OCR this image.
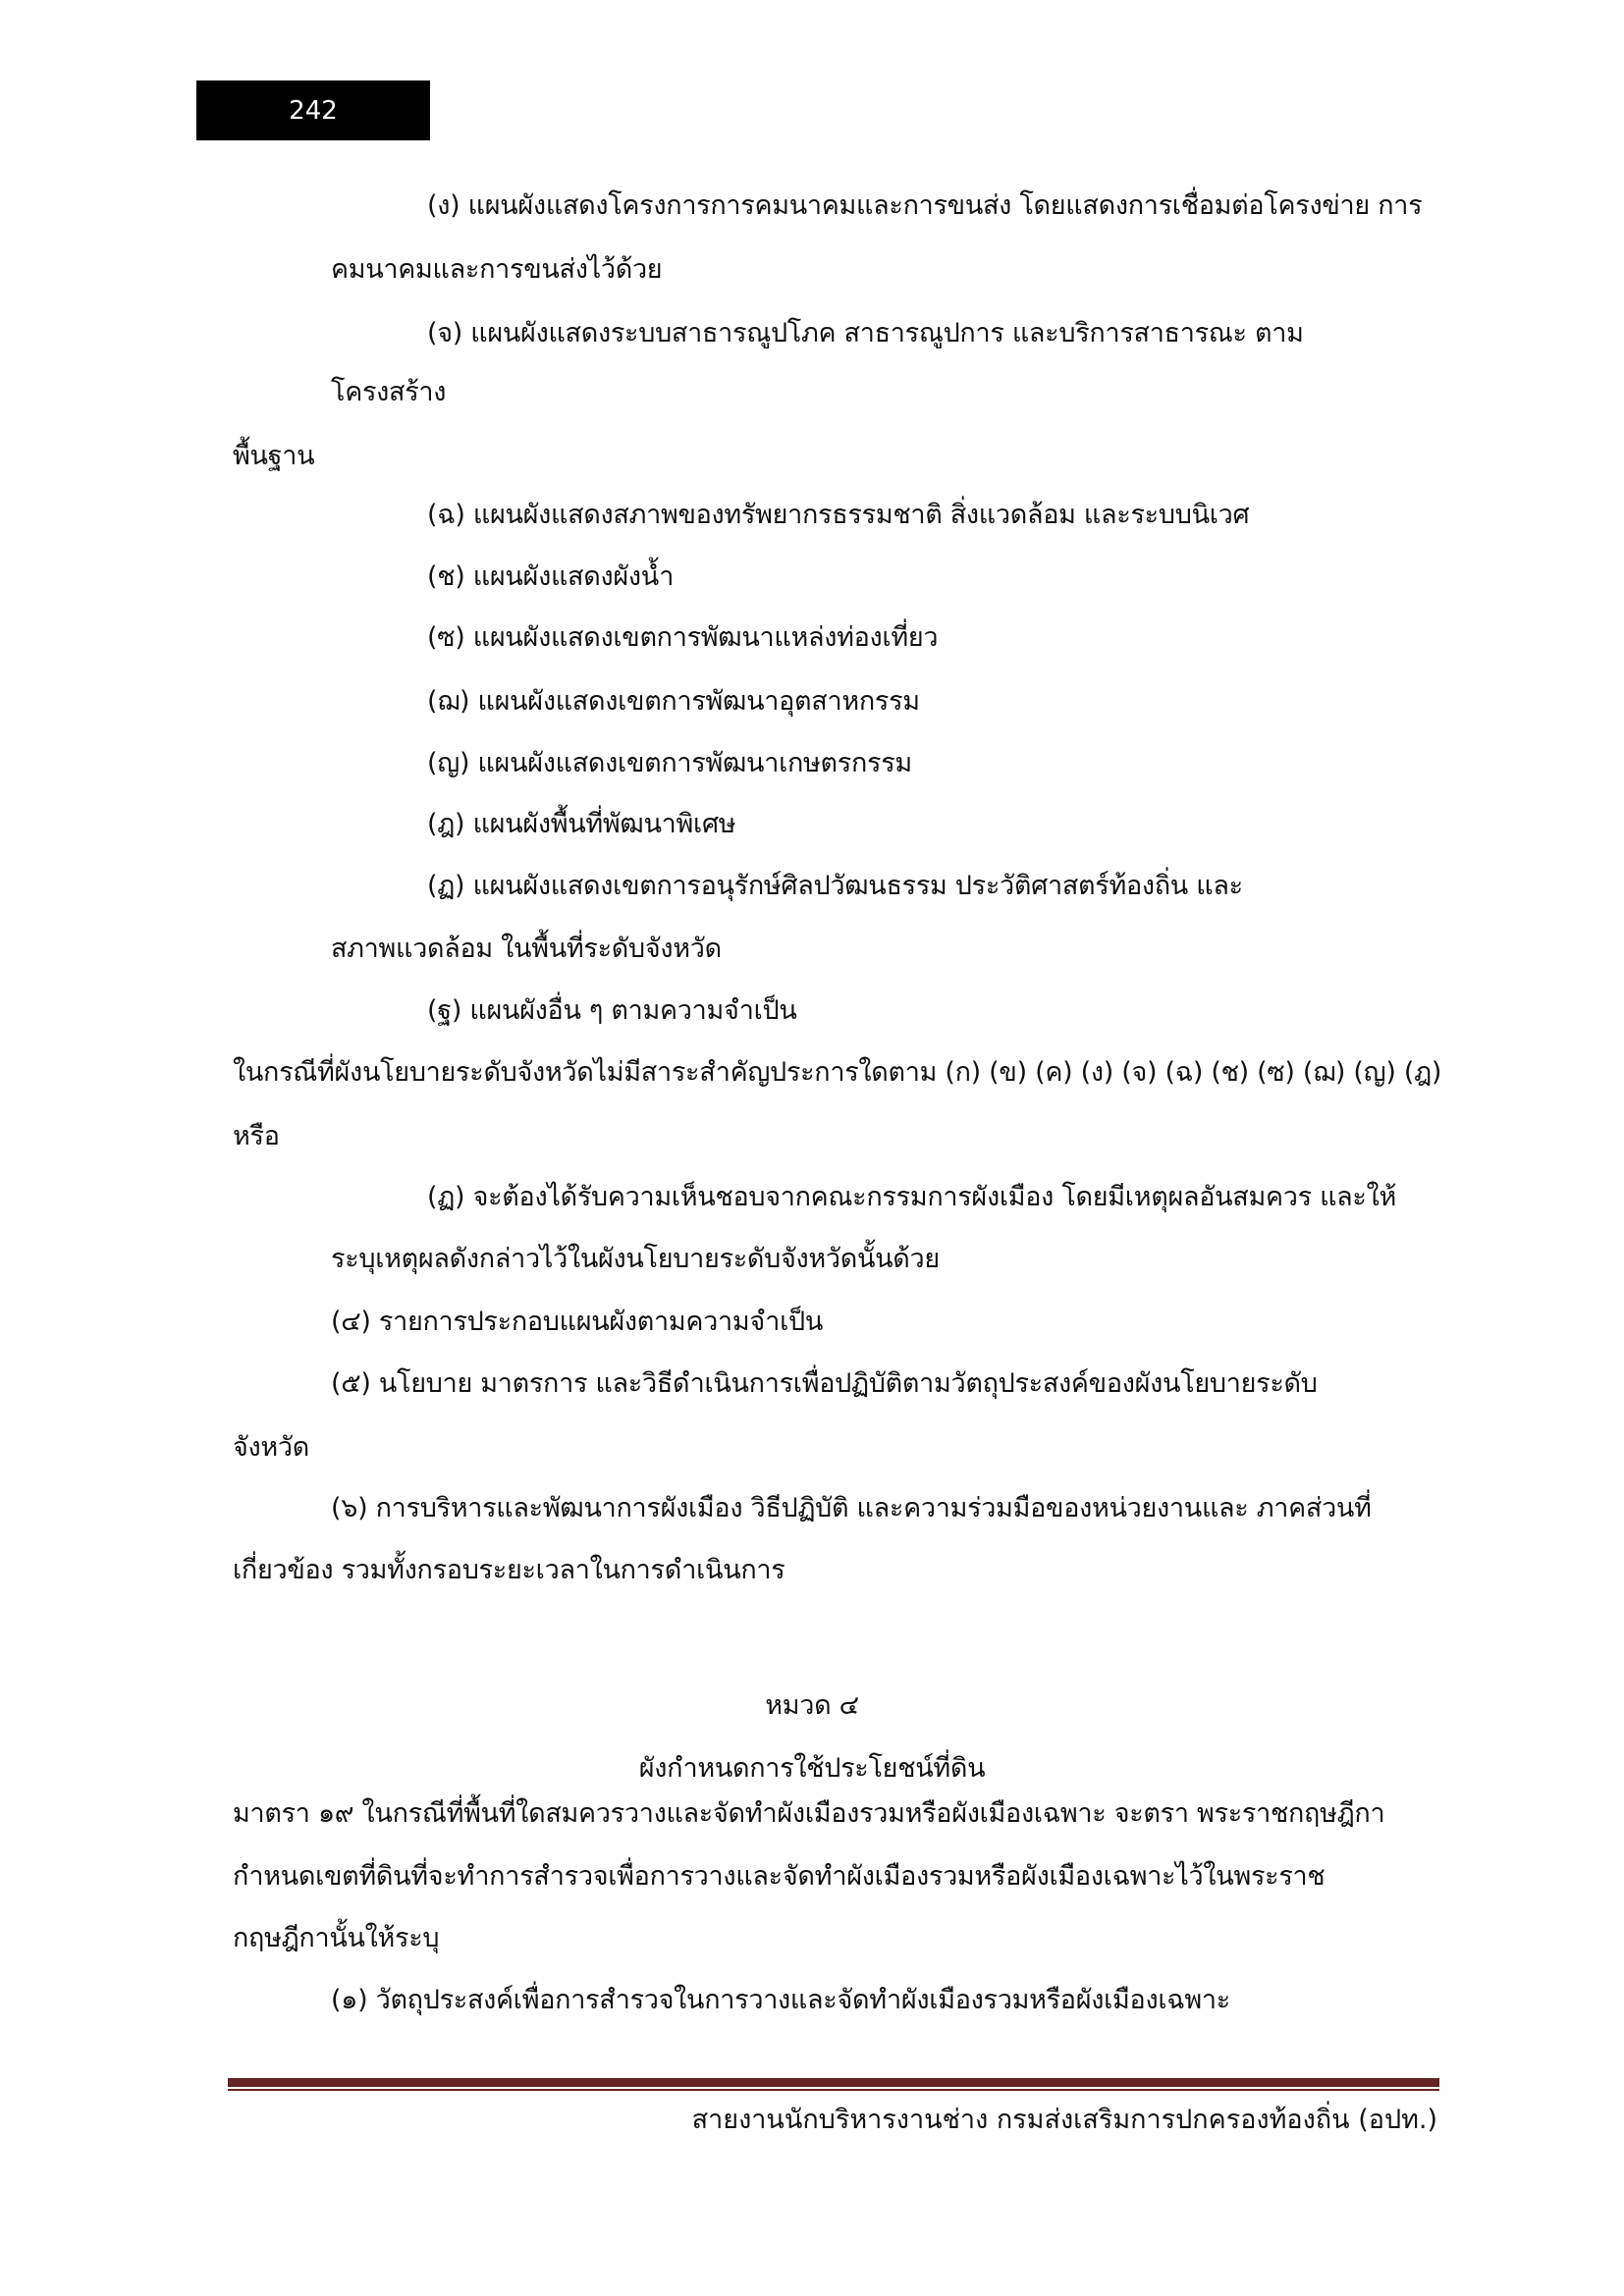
242
(ง) แผนผังแสดงโครงการการคมนาคมและการขนส่ง โดยแสดงการเชื่อมต่อโครงข่าย การ
คมนาคมและการขนส่งไว้ด้วย
(จ) แผนผังแสดงระบบสาธารณูปโภค สาธารณูปการ และบริการสาธารณะ ตาม
โครงสร้าง
พื้นฐาน
(ฉ) แผนผังแสดงสภาพของทรัพยากรธรรมชาติ สิ่งแวดล้อม และระบบนิเวศ
(ช) แผนผังแสดงผังน้ำ
(ซ) แผนผังแสดงเขตการพัฒนาแหล่งท่องเที่ยว
(ฌ) แผนผังแสดงเขตการพัฒนาอุตสาหกรรม
(ญ) แผนผังแสดงเขตการพัฒนาเกษตรกรรม
(ฎ) แผนผังพื้นที่พัฒนาพิเศษ
(ฏ) แผนผังแสดงเขตการอนุรักษ์ศิลปวัฒนธรรม ประวัติศาสตร์ท้องถิ่น และ
สภาพแวดล้อม ในพื้นที่ระดับจังหวัด
(ฐ) แผนผังอื่น ๆ ตามความจำเป็น
ในกรณีที่ผังนโยบายระดับจังหวัดไม่มีสาระสำคัญประการใดตาม (ก) (ข) (ค) (ง) (จ) (ฉ) (ช) (ซ) (ฌ) (ญ) (ฎ)
หรือ
(ฏ) จะต้องได้รับความเห็นชอบจากคณะกรรมการผังเมือง โดยมีเหตุผลอันสมควร และให้
ระบุเหตุผลดังกล่าวไว้ในผังนโยบายระดับจังหวัดนั้นด้วย
(๔) รายการประกอบแผนผังตามความจำเป็น
(๕) นโยบาย มาตรการ และวิธีดำเนินการเพื่อปฏิบัติตามวัตถุประสงค์ของผังนโยบายระดับ
จังหวัด
(๖) การบริหารและพัฒนาการผังเมือง วิธีปฏิบัติ และความร่วมมือของหน่วยงานและ ภาคส่วนที่
เกี่ยวข้อง รวมทั้งกรอบระยะเวลาในการดำเนินการ
หมวด ๔
ผังกำหนดการใช้ประโยชน์ที่ดิน
มาตรา ๑๙ ในกรณีที่พื้นที่ใดสมควรวางและจัดทำผังเมืองรวมหรือผังเมืองเฉพาะ จะตรา พระราชกฤษฎีกา
กำหนดเขตที่ดินที่จะทำการสำรวจเพื่อการวางและจัดทำผังเมืองรวมหรือผังเมืองเฉพาะไว้ในพระราช
กฤษฎีกานั้นให้ระบุ
(๑) วัตถุประสงค์เพื่อการสำรวจในการวางและจัดทำผังเมืองรวมหรือผังเมืองเฉพาะ
สายงานนักบริหารงานช่าง กรมส่งเสริมการปกครองท้องถิ่น (อปท.)
